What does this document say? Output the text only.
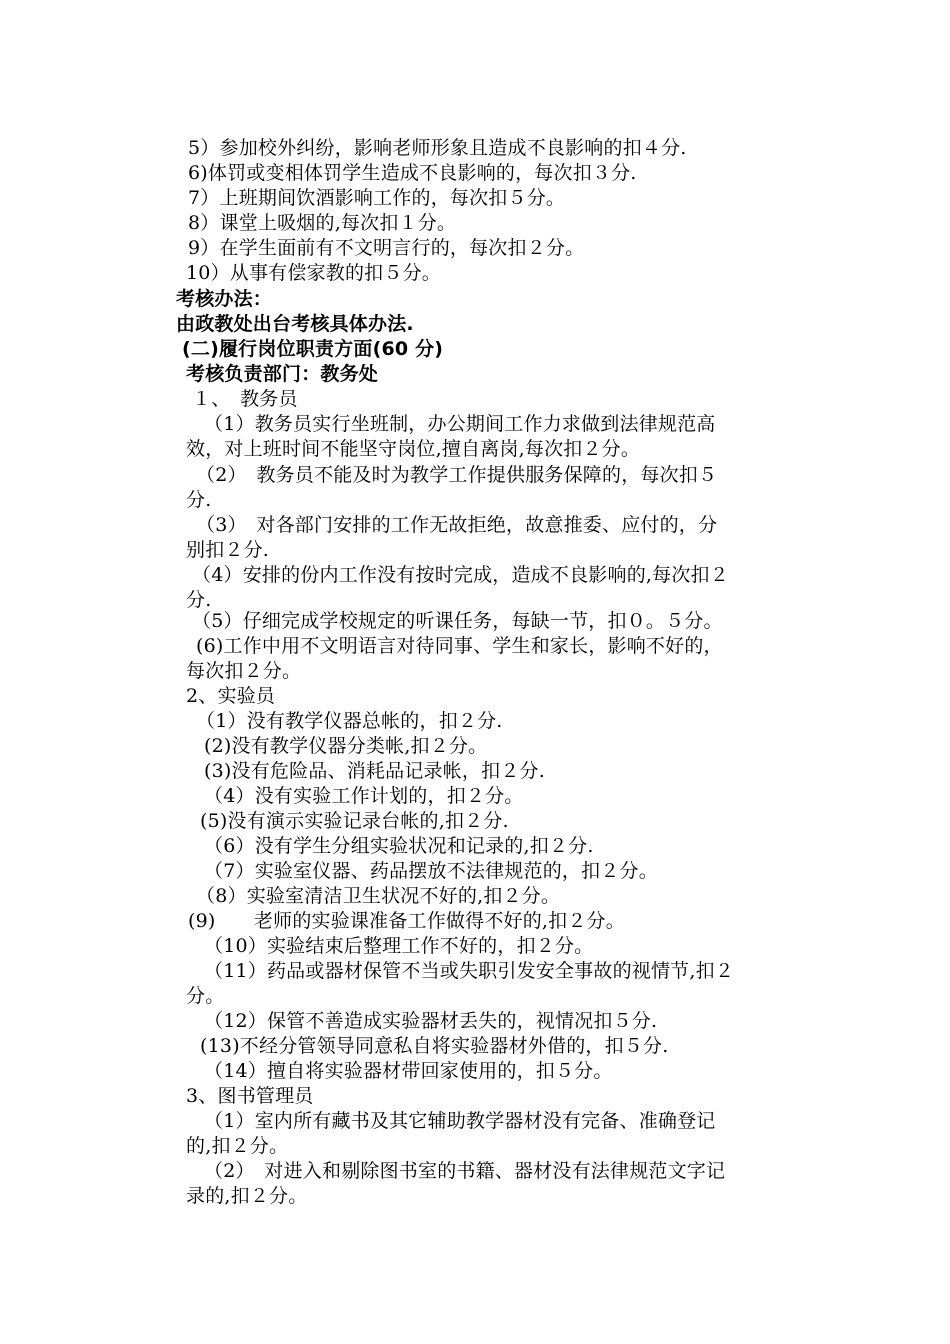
5）参加校外纠纷，影响老师形象且造成不良影响的扣４分.
6)体罚或变相体罚学生造成不良影响的，每次扣３分.
7）上班期间饮酒影响工作的，每次扣５分。
8）课堂上吸烟的,每次扣１分。
9）在学生面前有不文明言行的，每次扣２分。
10）从事有偿家教的扣５分。
考核办法：
由政教处出台考核具体办法.
(二)履行岗位职责方面(60 分)
考核负责部门：教务处
１、　教务员
（1）教务员实行坐班制，办公期间工作力求做到法律规范高
效，对上班时间不能坚守岗位,擅自离岗,每次扣２分。
（2）　教务员不能及时为教学工作提供服务保障的，每次扣５
分.
（3）　对各部门安排的工作无故拒绝，故意推委、应付的，分
别扣２分.
（4）安排的份内工作没有按时完成，造成不良影响的,每次扣２
分.
（5）仔细完成学校规定的听课任务，每缺一节，扣０。５分。
(6)工作中用不文明语言对待同事、学生和家长，影响不好的，
每次扣２分。
2、实验员
（1）没有教学仪器总帐的，扣２分.
(2)没有教学仪器分类帐,扣２分。
(3)没有危险品、消耗品记录帐，扣２分.
（4）没有实验工作计划的，扣２分。
(5)没有演示实验记录台帐的,扣２分.
（6）没有学生分组实验状况和记录的,扣２分.
（7）实验室仪器、药品摆放不法律规范的，扣２分。
（8）实验室清洁卫生状况不好的,扣２分。
(9)　　老师的实验课准备工作做得不好的,扣２分。
（10）实验结束后整理工作不好的，扣２分。
（11）药品或器材保管不当或失职引发安全事故的视情节,扣２
分。
（12）保管不善造成实验器材丢失的，视情况扣５分.
(13)不经分管领导同意私自将实验器材外借的，扣５分.
（14）擅自将实验器材带回家使用的，扣５分。
3、图书管理员
（1）室内所有藏书及其它辅助教学器材没有完备、准确登记
的,扣２分。
（2）　对进入和剔除图书室的书籍、器材没有法律规范文字记
录的,扣２分。
